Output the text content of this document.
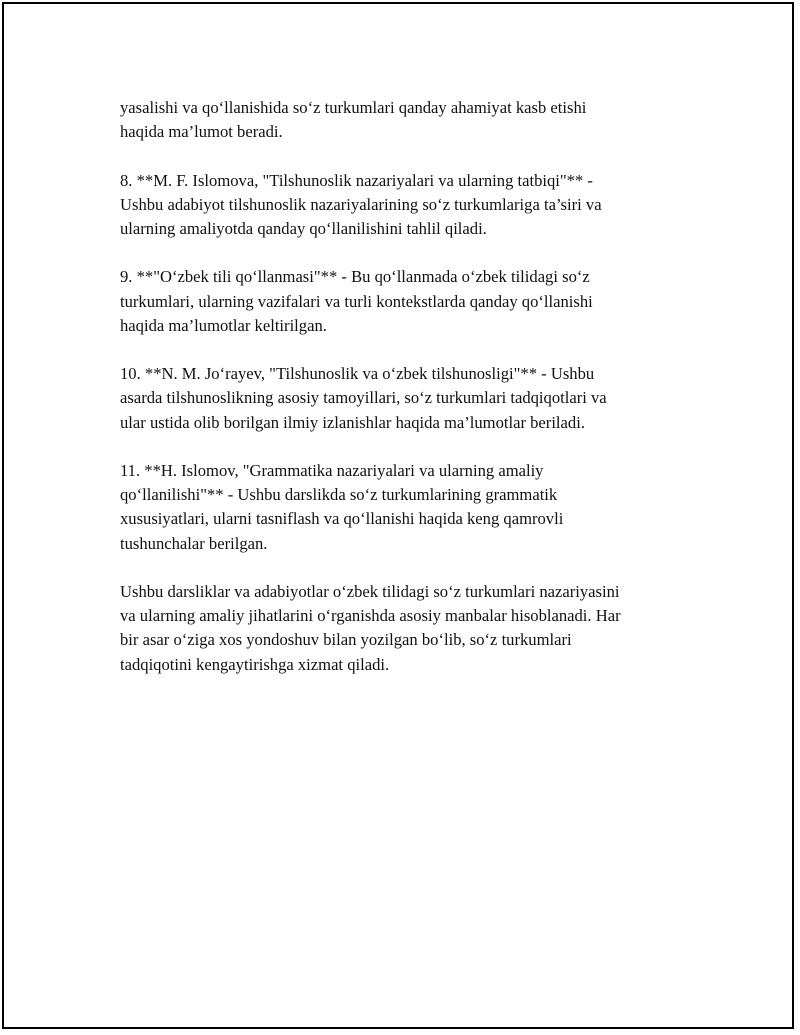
yasalishi va qo‘llanishida so‘z turkumlari qanday ahamiyat kasb etishi
haqida ma’lumot beradi.

8. **M. F. Islomova, "Tilshunoslik nazariyalari va ularning tatbiqi"** -
Ushbu adabiyot tilshunoslik nazariyalarining so‘z turkumlariga ta’siri va
ularning amaliyotda qanday qo‘llanilishini tahlil qiladi.

9. **"O‘zbek tili qo‘llanmasi"** - Bu qo‘llanmada o‘zbek tilidagi so‘z
turkumlari, ularning vazifalari va turli kontekstlarda qanday qo‘llanishi
haqida ma’lumotlar keltirilgan.

10. **N. M. Jo‘rayev, "Tilshunoslik va o‘zbek tilshunosligi"** - Ushbu
asarda tilshunoslikning asosiy tamoyillari, so‘z turkumlari tadqiqotlari va
ular ustida olib borilgan ilmiy izlanishlar haqida ma’lumotlar beriladi.

11. **H. Islomov, "Grammatika nazariyalari va ularning amaliy
qo‘llanilishi"** - Ushbu darslikda so‘z turkumlarining grammatik
xususiyatlari, ularni tasniflash va qo‘llanishi haqida keng qamrovli
tushunchalar berilgan.

Ushbu darsliklar va adabiyotlar o‘zbek tilidagi so‘z turkumlari nazariyasini
va ularning amaliy jihatlarini o‘rganishda asosiy manbalar hisoblanadi. Har
bir asar o‘ziga xos yondoshuv bilan yozilgan bo‘lib, so‘z turkumlari
tadqiqotini kengaytirishga xizmat qiladi.
